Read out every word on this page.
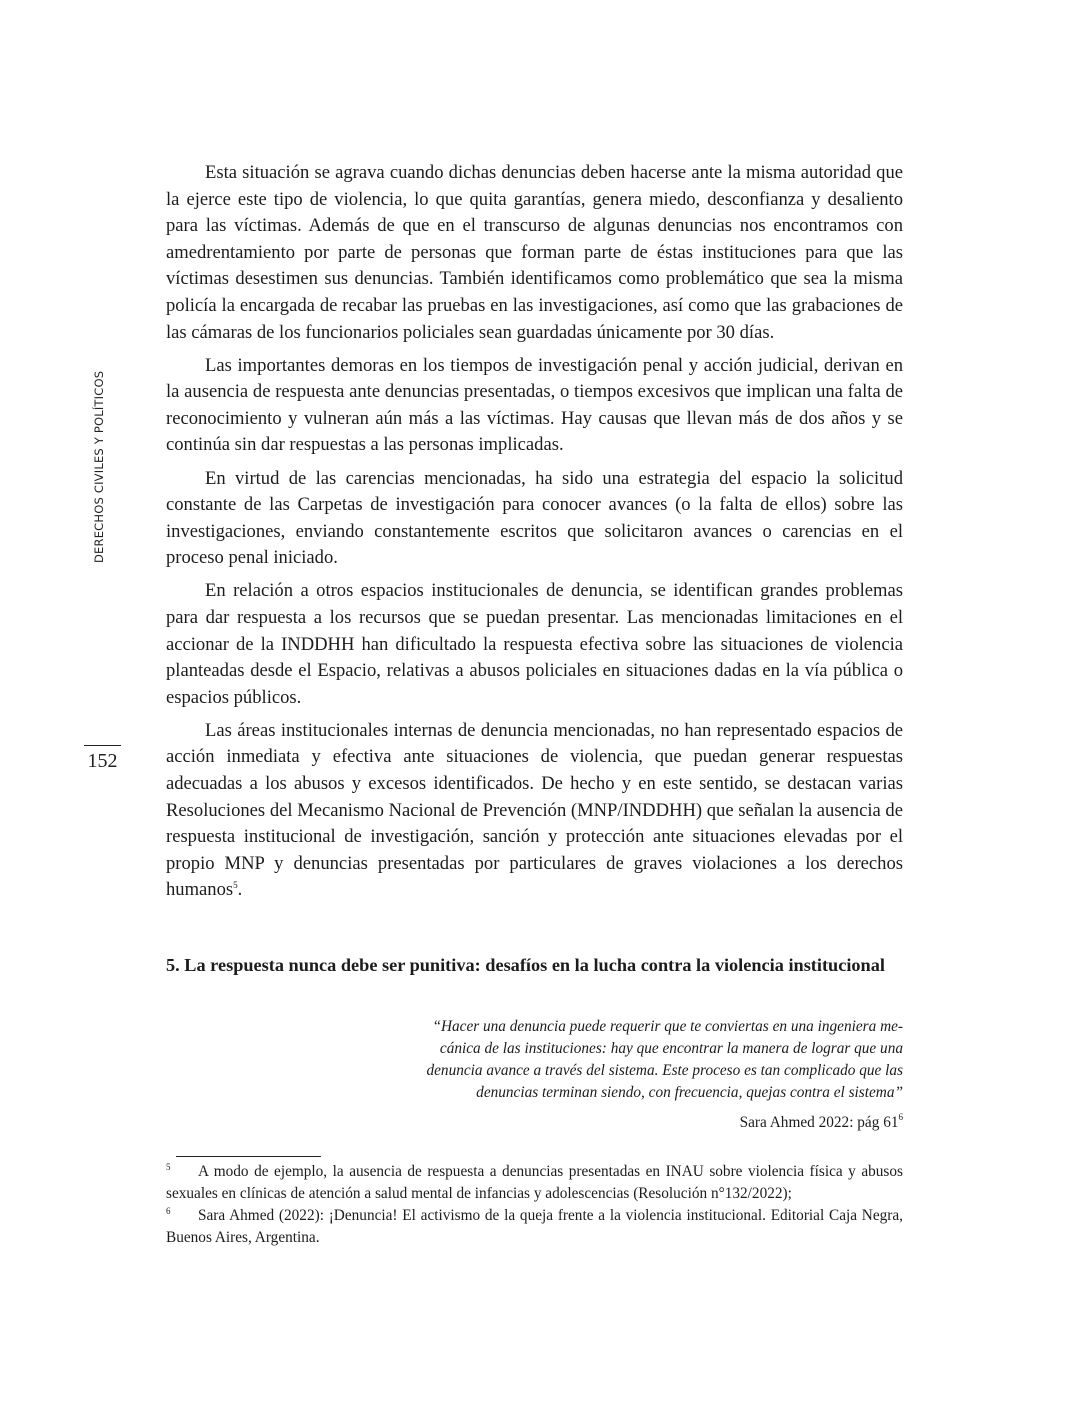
DERECHOS CIVILES Y POLÍTICOS
152

Esta situación se agrava cuando dichas denuncias deben hacerse ante la misma autoridad que la ejerce este tipo de violencia, lo que quita garantías, genera miedo, desconfianza y desaliento para las víctimas. Además de que en el transcurso de algunas denuncias nos encontramos con amedrentamiento por parte de personas que forman parte de éstas instituciones para que las víctimas desestimen sus denuncias. También identificamos como problemático que sea la misma policía la encargada de recabar las pruebas en las investigaciones, así como que las grabaciones de las cámaras de los funcionarios policiales sean guardadas únicamente por 30 días.

Las importantes demoras en los tiempos de investigación penal y acción judicial, derivan en la ausencia de respuesta ante denuncias presentadas, o tiempos excesivos que implican una falta de reconocimiento y vulneran aún más a las víctimas. Hay causas que llevan más de dos años y se continúa sin dar respuestas a las personas implicadas.

En virtud de las carencias mencionadas, ha sido una estrategia del espacio la solicitud constante de las Carpetas de investigación para conocer avances (o la falta de ellos) sobre las investigaciones, enviando constantemente escritos que solicitaron avances o carencias en el proceso penal iniciado.

En relación a otros espacios institucionales de denuncia, se identifican grandes problemas para dar respuesta a los recursos que se puedan presentar. Las mencionadas limitaciones en el accionar de la INDDHH han dificultado la respuesta efectiva sobre las situaciones de violencia planteadas desde el Espacio, relativas a abusos policiales en situaciones dadas en la vía pública o espacios públicos.

Las áreas institucionales internas de denuncia mencionadas, no han representado espacios de acción inmediata y efectiva ante situaciones de violencia, que puedan generar respuestas adecuadas a los abusos y excesos identificados. De hecho y en este sentido, se destacan varias Resoluciones del Mecanismo Nacional de Prevención (MNP/INDDHH) que señalan la ausencia de respuesta institucional de investigación, sanción y protección ante situaciones elevadas por el propio MNP y denuncias presentadas por particulares de graves violaciones a los derechos humanos$^5$.

5. La respuesta nunca debe ser punitiva: desafíos en la lucha contra la violencia institucional
“Hacer una denuncia puede requerir que te conviertas en una ingeniera me-
cánica de las instituciones: hay que encontrar la manera de lograr que una
denuncia avance a través del sistema. Este proceso es tan complicado que las
denuncias terminan siendo, con frecuencia, quejas contra el sistema”
Sara Ahmed 2022: pág $61^6$

5 A modo de ejemplo, la ausencia de respuesta a denuncias presentadas en INAU sobre violencia física y abusos sexuales en clínicas de atención a salud mental de infancias y adolescencias (Resolución n°132/2022);

6 Sara Ahmed (2022): ¡Denuncia! El activismo de la queja frente a la violencia institucional. Editorial Caja Negra, Buenos Aires, Argentina.
